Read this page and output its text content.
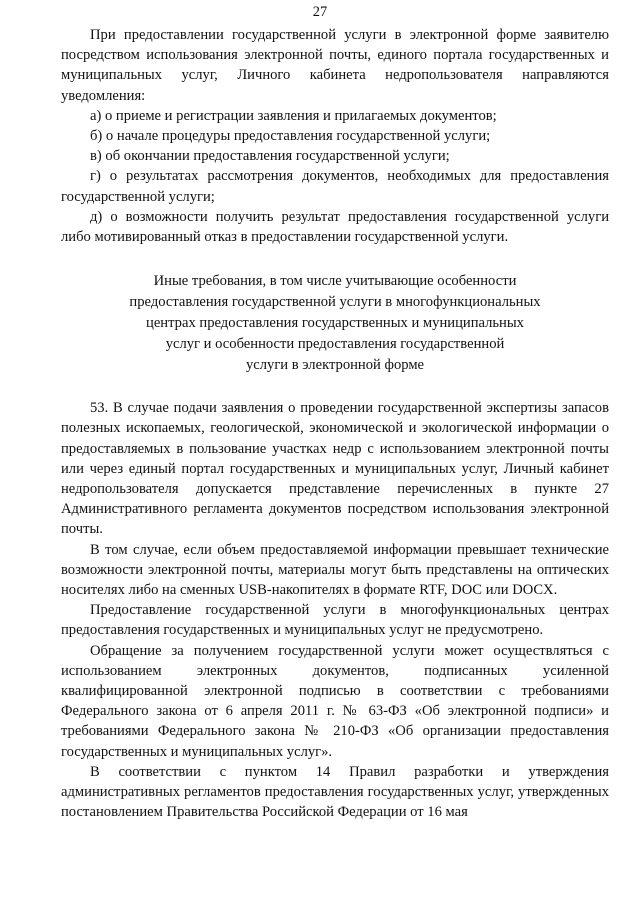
27

При предоставлении государственной услуги в электронной форме заявителю посредством использования электронной почты, единого портала государственных и муниципальных услуг, Личного кабинета недропользователя направляются уведомления:

а) о приеме и регистрации заявления и прилагаемых документов;

б) о начале процедуры предоставления государственной услуги;

в) об окончании предоставления государственной услуги;

г) о результатах рассмотрения документов, необходимых для предоставления государственной услуги;

д) о возможности получить результат предоставления государственной услуги либо мотивированный отказ в предоставлении государственной услуги.

Иные требования, в том числе учитывающие особенности
предоставления государственной услуги в многофункциональных
центрах предоставления государственных и муниципальных
услуг и особенности предоставления государственной
услуги в электронной форме

53. В случае подачи заявления о проведении государственной экспертизы запасов полезных ископаемых, геологической, экономической и экологической информации о предоставляемых в пользование участках недр с использованием электронной почты или через единый портал государственных и муниципальных услуг, Личный кабинет недропользователя допускается представление перечисленных в пункте 27 Административного регламента документов посредством использования электронной почты.

В том случае, если объем предоставляемой информации превышает технические возможности электронной почты, материалы могут быть представлены на оптических носителях либо на сменных USB-накопителях в формате RTF, DOC или DOCX.

Предоставление государственной услуги в многофункциональных центрах предоставления государственных и муниципальных услуг не предусмотрено.

Обращение за получением государственной услуги может осуществляться с использованием электронных документов, подписанных усиленной квалифицированной электронной подписью в соответствии с требованиями Федерального закона от 6 апреля 2011 г. № 63-ФЗ «Об электронной подписи» и требованиями Федерального закона № 210-ФЗ «Об организации предоставления государственных и муниципальных услуг».

В соответствии с пунктом 14 Правил разработки и утверждения административных регламентов предоставления государственных услуг, утвержденных постановлением Правительства Российской Федерации от 16 мая
